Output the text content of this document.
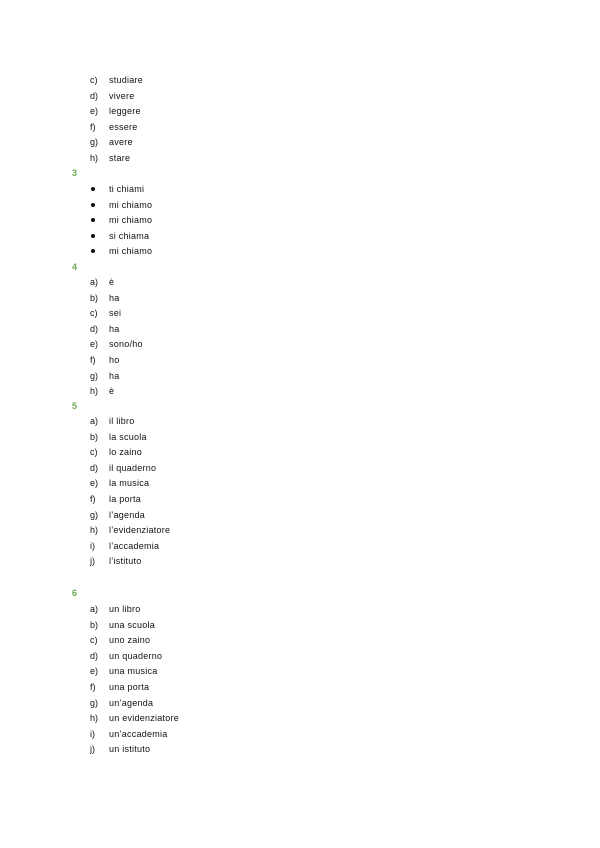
c)	studiare
d)	vivere
e)	leggere
f)	essere
g)	avere
h)	stare
3
ti chiami
mi chiamo
mi chiamo
si chiama
mi chiamo
4
a)	è
b)	ha
c)	sei
d)	ha
e)	sono/ho
f)	ho
g)	ha
h)	è
5
a)	il libro
b)	la scuola
c)	lo zaino
d)	il quaderno
e)	la musica
f)	la porta
g)	l’agenda
h)	l’evidenziatore
i)	l’accademia
j)	l’istituto
6
a)	un libro
b)	una scuola
c)	uno zaino
d)	un quaderno
e)	una musica
f)	una porta
g)	un’agenda
h)	un evidenziatore
i)	un’accademia
j)	un istituto
